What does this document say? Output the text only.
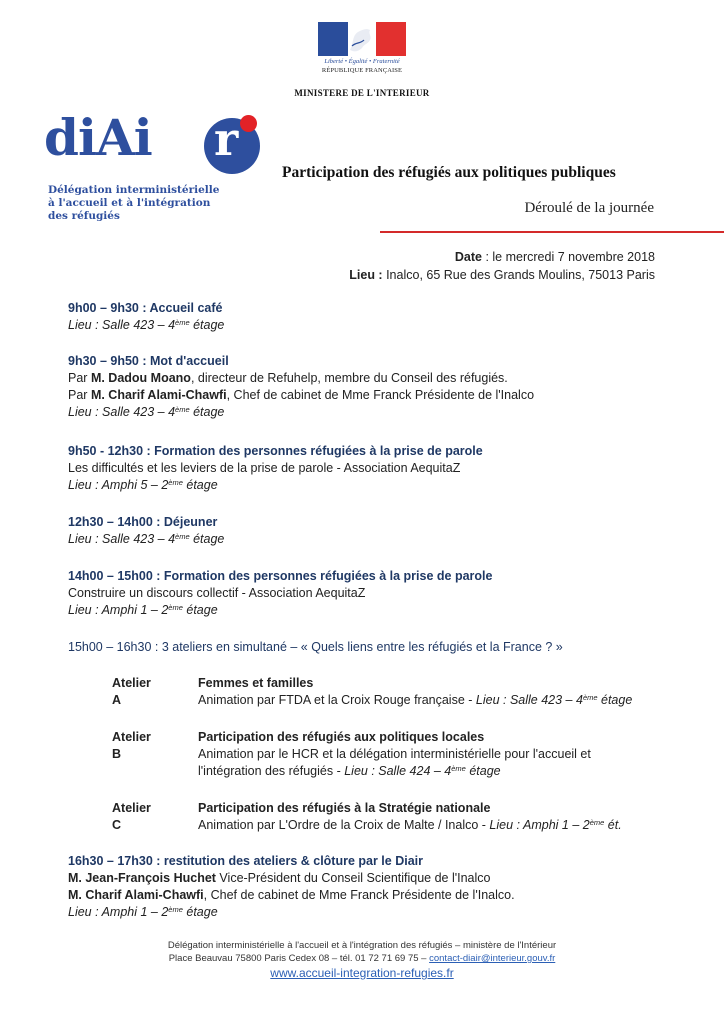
Liberté • Égalité • Fraternité
RÉPUBLIQUE FRANÇAISE
MINISTERE DE L'INTERIEUR
diAi r
Délégation interministérielle
à l'accueil et à l'intégration
des réfugiés
Participation des réfugiés aux politiques publiques
Déroulé de la journée
Date : le mercredi 7 novembre 2018
Lieu : Inalco, 65 Rue des Grands Moulins, 75013 Paris
9h00 – 9h30 : Accueil café
Lieu : Salle 423 – 4ème étage
9h30 – 9h50 : Mot d'accueil
Par M. Dadou Moano, directeur de Refuhelp, membre du Conseil des réfugiés.
Par M. Charif Alami-Chawfi, Chef de cabinet de Mme Franck Présidente de l'Inalco
Lieu : Salle 423 – 4ème étage
9h50 - 12h30 : Formation des personnes réfugiées à la prise de parole
Les difficultés et les leviers de la prise de parole - Association AequitaZ
Lieu : Amphi 5 – 2ème étage
12h30 – 14h00 : Déjeuner
Lieu : Salle 423 – 4ème étage
14h00 – 15h00 : Formation des personnes réfugiées à la prise de parole
Construire un discours collectif - Association AequitaZ
Lieu : Amphi 1 – 2ème étage
15h00 – 16h30 : 3 ateliers en simultané – « Quels liens entre les réfugiés et la France ? »
Atelier A
Femmes et familles
Animation par FTDA et la Croix Rouge française - Lieu : Salle 423 – 4ème étage
Atelier B
Participation des réfugiés aux politiques locales
Animation par le HCR et la délégation interministérielle pour l'accueil et
l'intégration des réfugiés - Lieu : Salle 424 – 4ème étage
Atelier C
Participation des réfugiés à la Stratégie nationale
Animation par L'Ordre de la Croix de Malte / Inalco - Lieu : Amphi 1 – 2ème ét.
16h30 – 17h30 : restitution des ateliers & clôture par le Diair
M. Jean-François Huchet Vice-Président du Conseil Scientifique de l'Inalco
M. Charif Alami-Chawfi, Chef de cabinet de Mme Franck Présidente de l'Inalco.
Lieu : Amphi 1 – 2ème étage
Délégation interministérielle à l'accueil et à l'intégration des réfugiés – ministère de l'Intérieur
Place Beauvau 75800 Paris Cedex 08 – tél. 01 72 71 69 75 – contact-diair@interieur.gouv.fr
www.accueil-integration-refugies.fr
